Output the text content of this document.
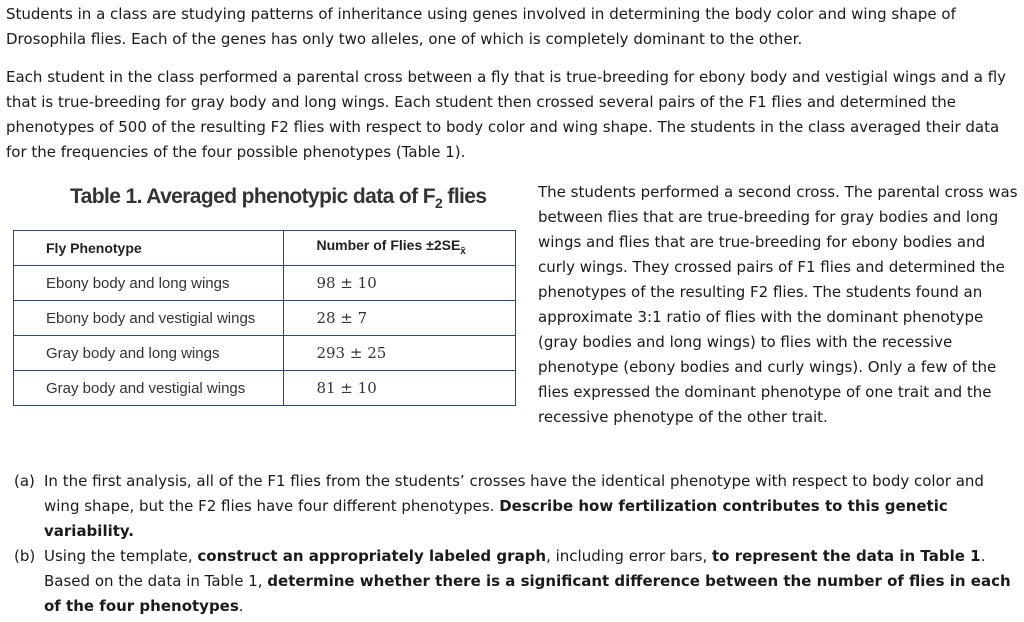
Students in a class are studying patterns of inheritance using genes involved in determining the body color and wing shape of Drosophila flies. Each of the genes has only two alleles, one of which is completely dominant to the other.

Each student in the class performed a parental cross between a fly that is true-breeding for ebony body and vestigial wings and a fly that is true-breeding for gray body and long wings. Each student then crossed several pairs of the F1 flies and determined the phenotypes of 500 of the resulting F2 flies with respect to body color and wing shape. The students in the class averaged their data for the frequencies of the four possible phenotypes (Table 1).

Table 1. Averaged phenotypic data of $F_2$ flies
Fly Phenotype	Number of Flies $\pm 2SE_{x̄}$
Ebony body and long wings	98 ± 10
Ebony body and vestigial wings	28 ± 7
Gray body and long wings	293 ± 25
Gray body and vestigial wings	81 ± 10

The students performed a second cross. The parental cross was between flies that are true-breeding for gray bodies and long wings and flies that are true-breeding for ebony bodies and curly wings. They crossed pairs of F1 flies and determined the phenotypes of the resulting F2 flies. The students found an approximate 3:1 ratio of flies with the dominant phenotype (gray bodies and long wings) to flies with the recessive phenotype (ebony bodies and curly wings). Only a few of the flies expressed the dominant phenotype of one trait and the recessive phenotype of the other trait.

(a) In the first analysis, all of the F1 flies from the students’ crosses have the identical phenotype with respect to body color and wing shape, but the F2 flies have four different phenotypes. Describe how fertilization contributes to this genetic variability.

(b) Using the template, construct an appropriately labeled graph, including error bars, to represent the data in Table 1. Based on the data in Table 1, determine whether there is a significant difference between the number of flies in each of the four phenotypes.
